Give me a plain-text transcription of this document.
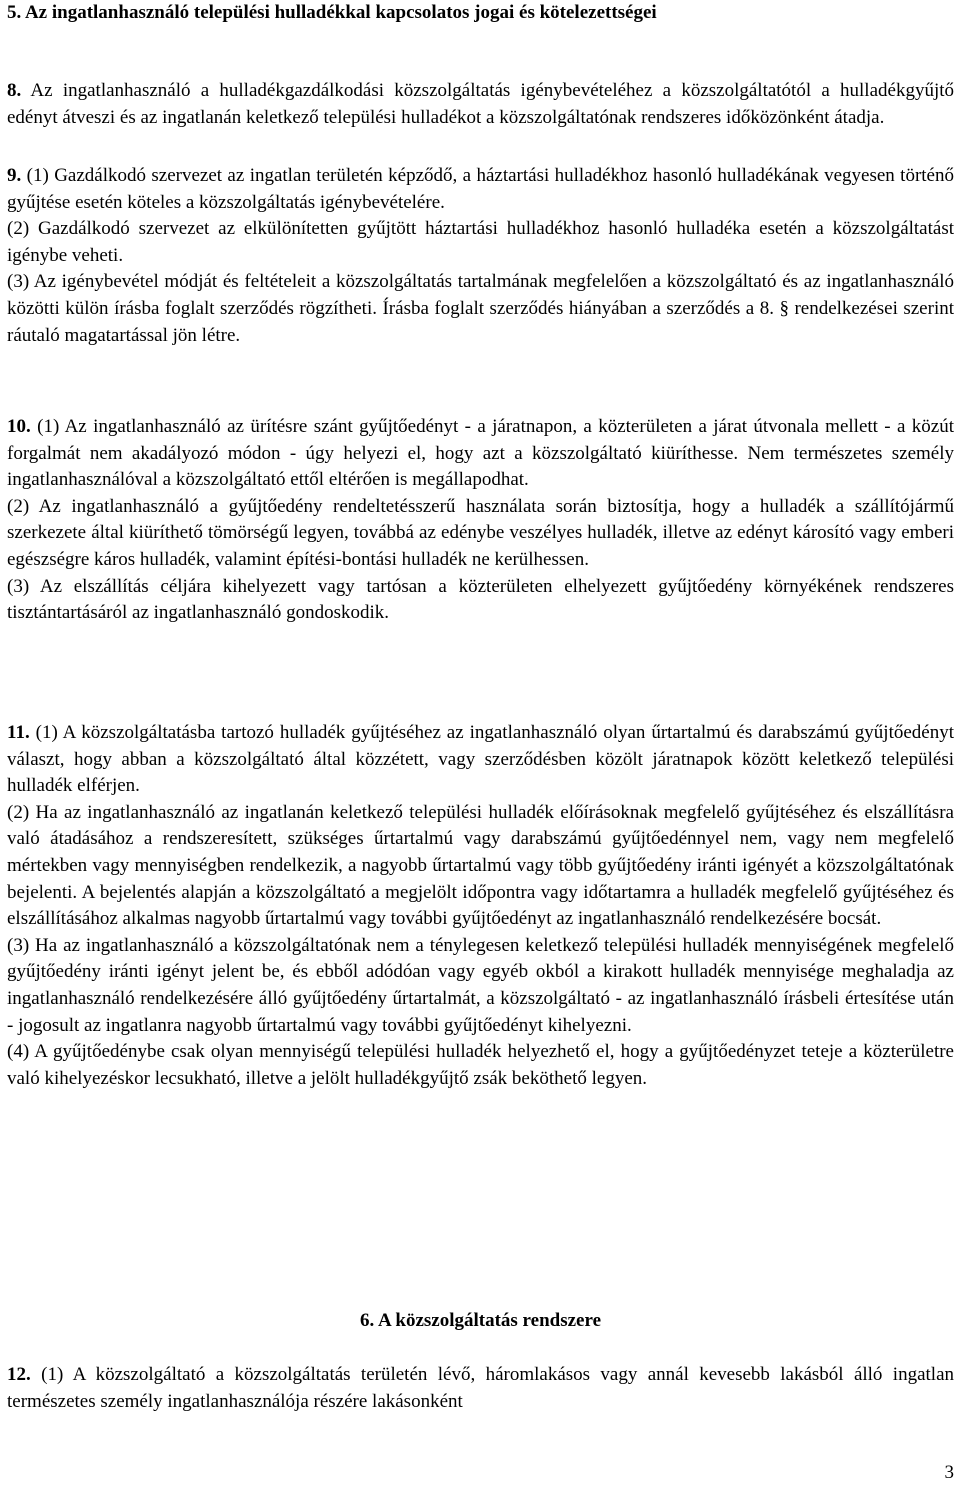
5. Az ingatlanhasználó települési hulladékkal kapcsolatos jogai és kötelezettségei

8. Az ingatlanhasználó a hulladékgazdálkodási közszolgáltatás igénybevételéhez a közszolgáltatótól a hulladékgyűjtő edényt átveszi és az ingatlanán keletkező települési hulladékot a közszolgáltatónak rendszeres időközönként átadja.

9. (1) Gazdálkodó szervezet az ingatlan területén képződő, a háztartási hulladékhoz hasonló hulladékának vegyesen történő gyűjtése esetén köteles a közszolgáltatás igénybevételére.
(2) Gazdálkodó szervezet az elkülönítetten gyűjtött háztartási hulladékhoz hasonló hulladéka esetén a közszolgáltatást igénybe veheti.
(3) Az igénybevétel módját és feltételeit a közszolgáltatás tartalmának megfelelően a közszolgáltató és az ingatlanhasználó közötti külön írásba foglalt szerződés rögzítheti. Írásba foglalt szerződés hiányában a szerződés a 8. § rendelkezései szerint ráutaló magatartással jön létre.

10. (1) Az ingatlanhasználó az ürítésre szánt gyűjtőedényt - a járatnapon, a közterületen a járat útvonala mellett - a közút forgalmát nem akadályozó módon - úgy helyezi el, hogy azt a közszolgáltató kiüríthesse. Nem természetes személy ingatlanhasználóval a közszolgáltató ettől eltérően is megállapodhat.
(2) Az ingatlanhasználó a gyűjtőedény rendeltetésszerű használata során biztosítja, hogy a hulladék a szállítójármű szerkezete által kiüríthető tömörségű legyen, továbbá az edénybe veszélyes hulladék, illetve az edényt károsító vagy emberi egészségre káros hulladék, valamint építési-bontási hulladék ne kerülhessen.
(3) Az elszállítás céljára kihelyezett vagy tartósan a közterületen elhelyezett gyűjtőedény környékének rendszeres tisztántartásáról az ingatlanhasználó gondoskodik.

11. (1) A közszolgáltatásba tartozó hulladék gyűjtéséhez az ingatlanhasználó olyan űrtartalmú és darabszámú gyűjtőedényt választ, hogy abban a közszolgáltató által közzétett, vagy szerződésben közölt járatnapok között keletkező települési hulladék elférjen.
(2) Ha az ingatlanhasználó az ingatlanán keletkező települési hulladék előírásoknak megfelelő gyűjtéséhez és elszállításra való átadásához a rendszeresített, szükséges űrtartalmú vagy darabszámú gyűjtőedénnyel nem, vagy nem megfelelő mértekben vagy mennyiségben rendelkezik, a nagyobb űrtartalmú vagy több gyűjtőedény iránti igényét a közszolgáltatónak bejelenti. A bejelentés alapján a közszolgáltató a megjelölt időpontra vagy időtartamra a hulladék megfelelő gyűjtéséhez és elszállításához alkalmas nagyobb űrtartalmú vagy további gyűjtőedényt az ingatlanhasználó rendelkezésére bocsát.
(3) Ha az ingatlanhasználó a közszolgáltatónak nem a ténylegesen keletkező települési hulladék mennyiségének megfelelő gyűjtőedény iránti igényt jelent be, és ebből adódóan vagy egyéb okból a kirakott hulladék mennyisége meghaladja az ingatlanhasználó rendelkezésére álló gyűjtőedény űrtartalmát, a közszolgáltató - az ingatlanhasználó írásbeli értesítése után - jogosult az ingatlanra nagyobb űrtartalmú vagy további gyűjtőedényt kihelyezni.
(4) A gyűjtőedénybe csak olyan mennyiségű települési hulladék helyezhető el, hogy a gyűjtőedényzet teteje a közterületre való kihelyezéskor lecsukható, illetve a jelölt hulladékgyűjtő zsák beköthető legyen.

6. A közszolgáltatás rendszere

12. (1) A közszolgáltató a közszolgáltatás területén lévő, háromlakásos vagy annál kevesebb lakásból álló ingatlan természetes személy ingatlanhasználója részére lakásonként

3
